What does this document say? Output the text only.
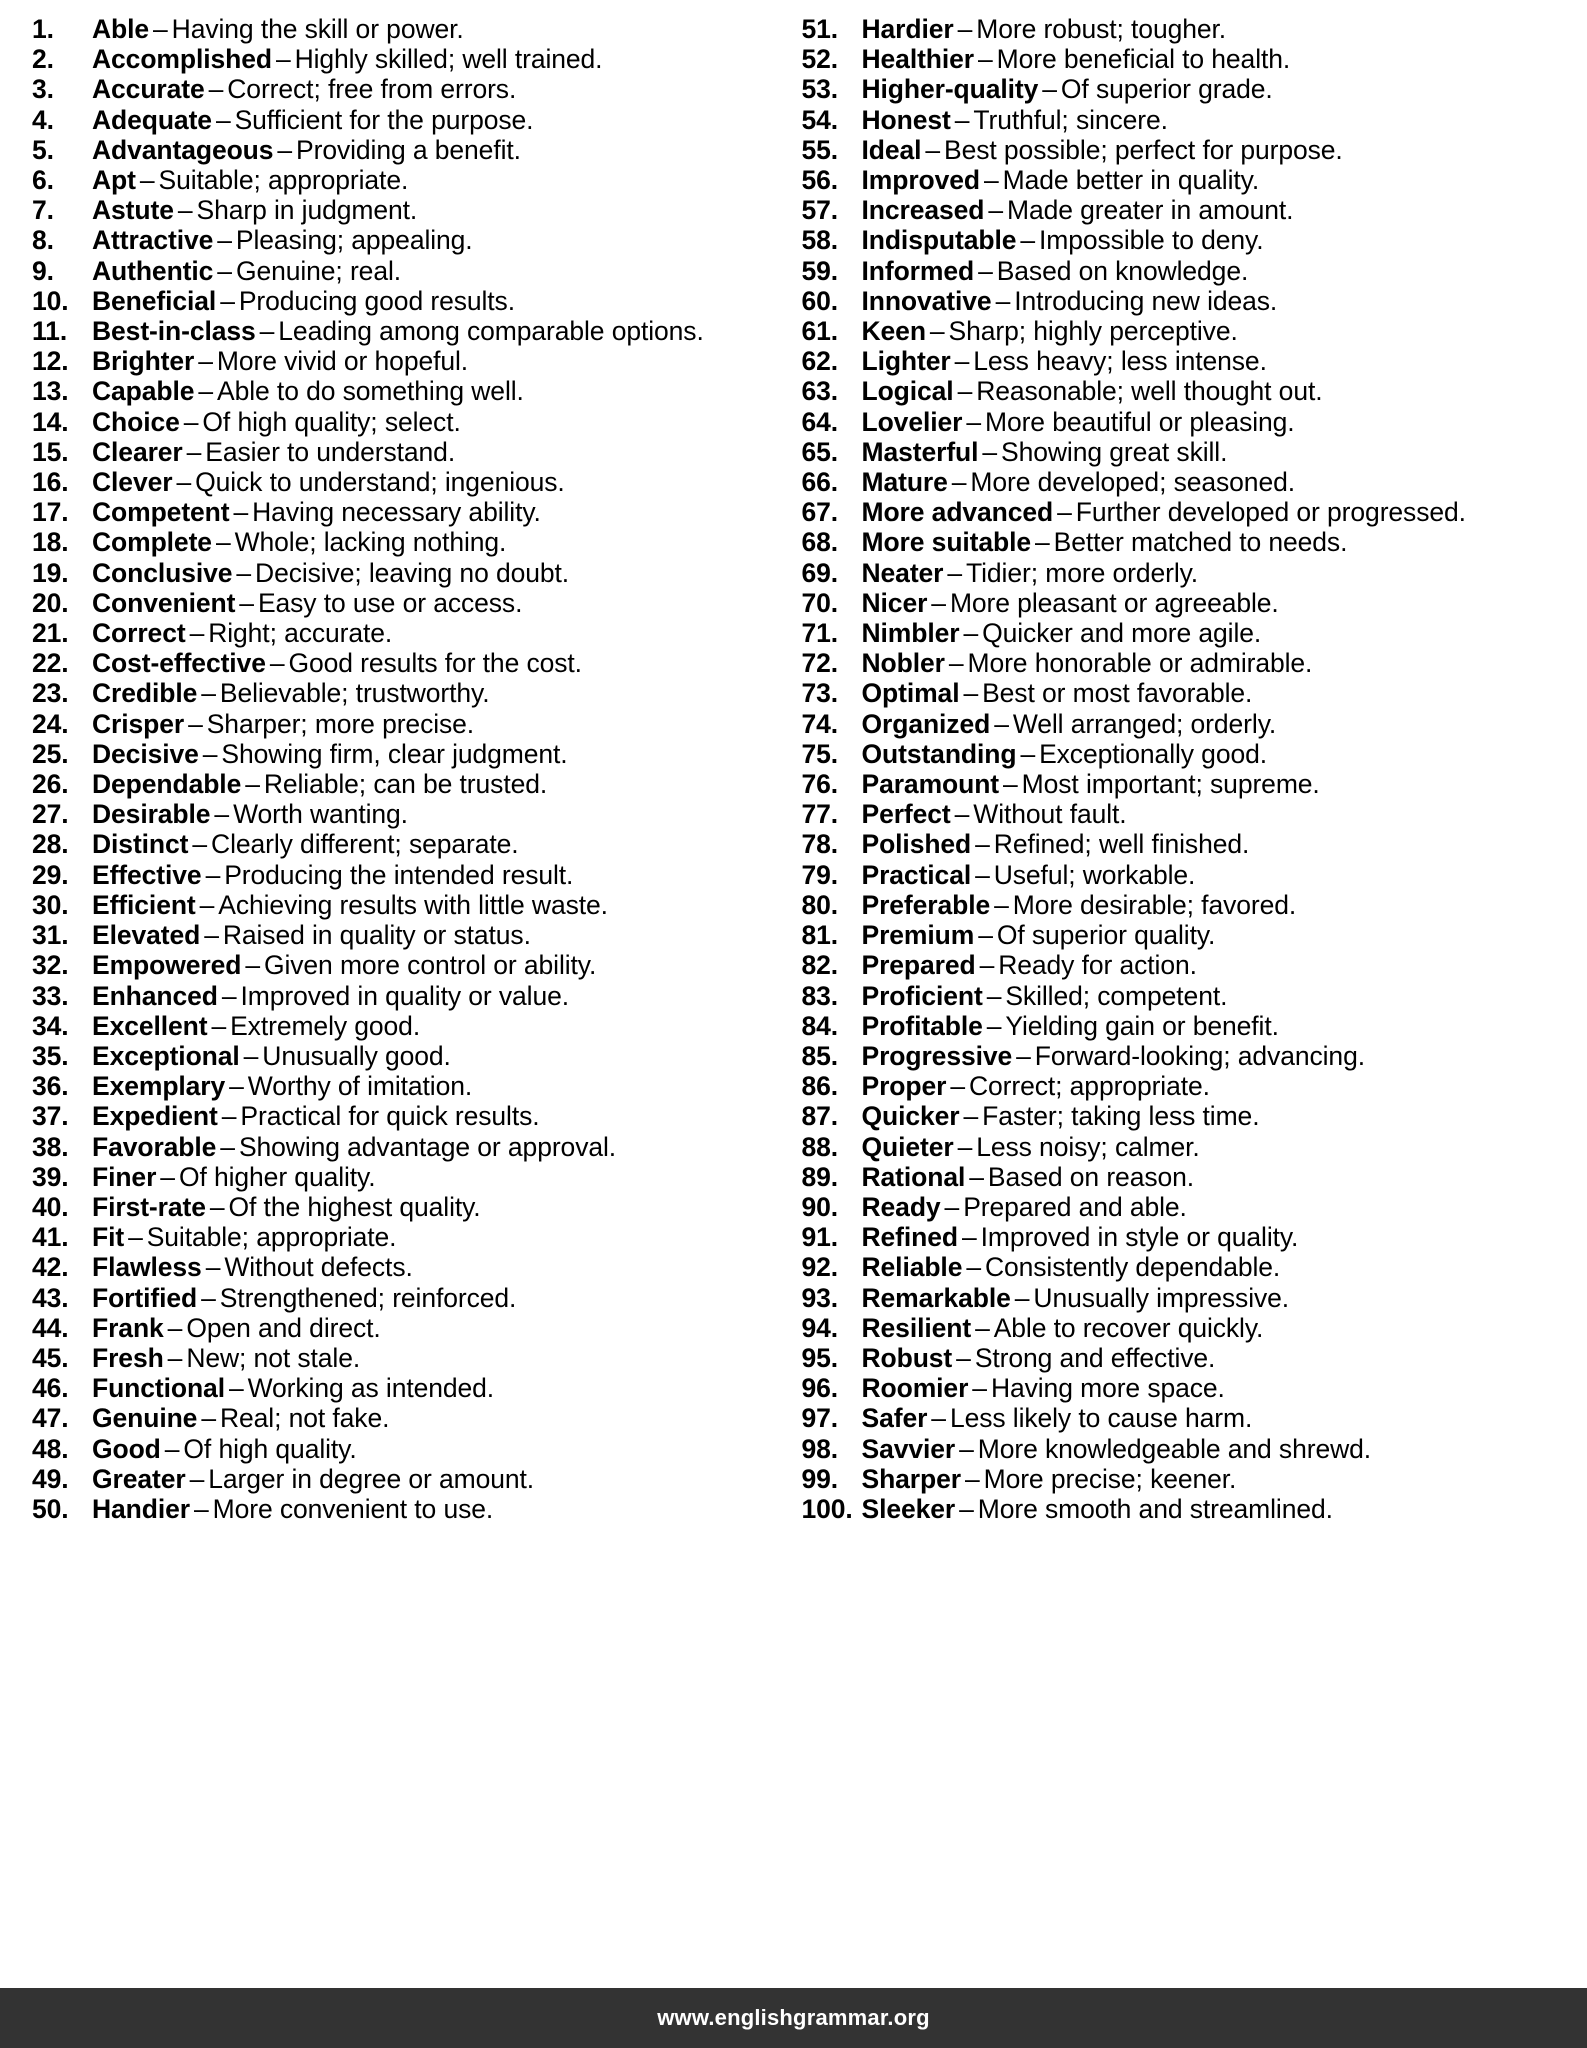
1.	Able – Having the skill or power.
2.	Accomplished – Highly skilled; well trained.
3.	Accurate – Correct; free from errors.
4.	Adequate – Sufficient for the purpose.
5.	Advantageous – Providing a benefit.
6.	Apt – Suitable; appropriate.
7.	Astute – Sharp in judgment.
8.	Attractive – Pleasing; appealing.
9.	Authentic – Genuine; real.
10. Beneficial – Producing good results.
11. Best-in-class – Leading among comparable options.
12. Brighter – More vivid or hopeful.
13. Capable – Able to do something well.
14. Choice – Of high quality; select.
15. Clearer – Easier to understand.
16. Clever – Quick to understand; ingenious.
17. Competent – Having necessary ability.
18. Complete – Whole; lacking nothing.
19. Conclusive – Decisive; leaving no doubt.
20. Convenient – Easy to use or access.
21. Correct – Right; accurate.
22. Cost-effective – Good results for the cost.
23. Credible – Believable; trustworthy.
24. Crisper – Sharper; more precise.
25. Decisive – Showing firm, clear judgment.
26. Dependable – Reliable; can be trusted.
27. Desirable – Worth wanting.
28. Distinct – Clearly different; separate.
29. Effective – Producing the intended result.
30. Efficient – Achieving results with little waste.
31. Elevated – Raised in quality or status.
32. Empowered – Given more control or ability.
33. Enhanced – Improved in quality or value.
34. Excellent – Extremely good.
35. Exceptional – Unusually good.
36. Exemplary – Worthy of imitation.
37. Expedient – Practical for quick results.
38. Favorable – Showing advantage or approval.
39. Finer – Of higher quality.
40. First-rate – Of the highest quality.
41. Fit – Suitable; appropriate.
42. Flawless – Without defects.
43. Fortified – Strengthened; reinforced.
44. Frank – Open and direct.
45. Fresh – New; not stale.
46. Functional – Working as intended.
47. Genuine – Real; not fake.
48. Good – Of high quality.
49. Greater – Larger in degree or amount.
50. Handier – More convenient to use.
51. Hardier – More robust; tougher.
52. Healthier – More beneficial to health.
53. Higher-quality – Of superior grade.
54. Honest – Truthful; sincere.
55. Ideal – Best possible; perfect for purpose.
56. Improved – Made better in quality.
57. Increased – Made greater in amount.
58. Indisputable – Impossible to deny.
59. Informed – Based on knowledge.
60. Innovative – Introducing new ideas.
61. Keen – Sharp; highly perceptive.
62. Lighter – Less heavy; less intense.
63. Logical – Reasonable; well thought out.
64. Lovelier – More beautiful or pleasing.
65. Masterful – Showing great skill.
66. Mature – More developed; seasoned.
67. More advanced – Further developed or progressed.
68. More suitable – Better matched to needs.
69. Neater – Tidier; more orderly.
70. Nicer – More pleasant or agreeable.
71. Nimbler – Quicker and more agile.
72. Nobler – More honorable or admirable.
73. Optimal – Best or most favorable.
74. Organized – Well arranged; orderly.
75. Outstanding – Exceptionally good.
76. Paramount – Most important; supreme.
77. Perfect – Without fault.
78. Polished – Refined; well finished.
79. Practical – Useful; workable.
80. Preferable – More desirable; favored.
81. Premium – Of superior quality.
82. Prepared – Ready for action.
83. Proficient – Skilled; competent.
84. Profitable – Yielding gain or benefit.
85. Progressive – Forward-looking; advancing.
86. Proper – Correct; appropriate.
87. Quicker – Faster; taking less time.
88. Quieter – Less noisy; calmer.
89. Rational – Based on reason.
90. Ready – Prepared and able.
91. Refined – Improved in style or quality.
92. Reliable – Consistently dependable.
93. Remarkable – Unusually impressive.
94. Resilient – Able to recover quickly.
95. Robust – Strong and effective.
96. Roomier – Having more space.
97. Safer – Less likely to cause harm.
98. Savvier – More knowledgeable and shrewd.
99. Sharper – More precise; keener.
100. Sleeker – More smooth and streamlined.
www.englishgrammar.org
